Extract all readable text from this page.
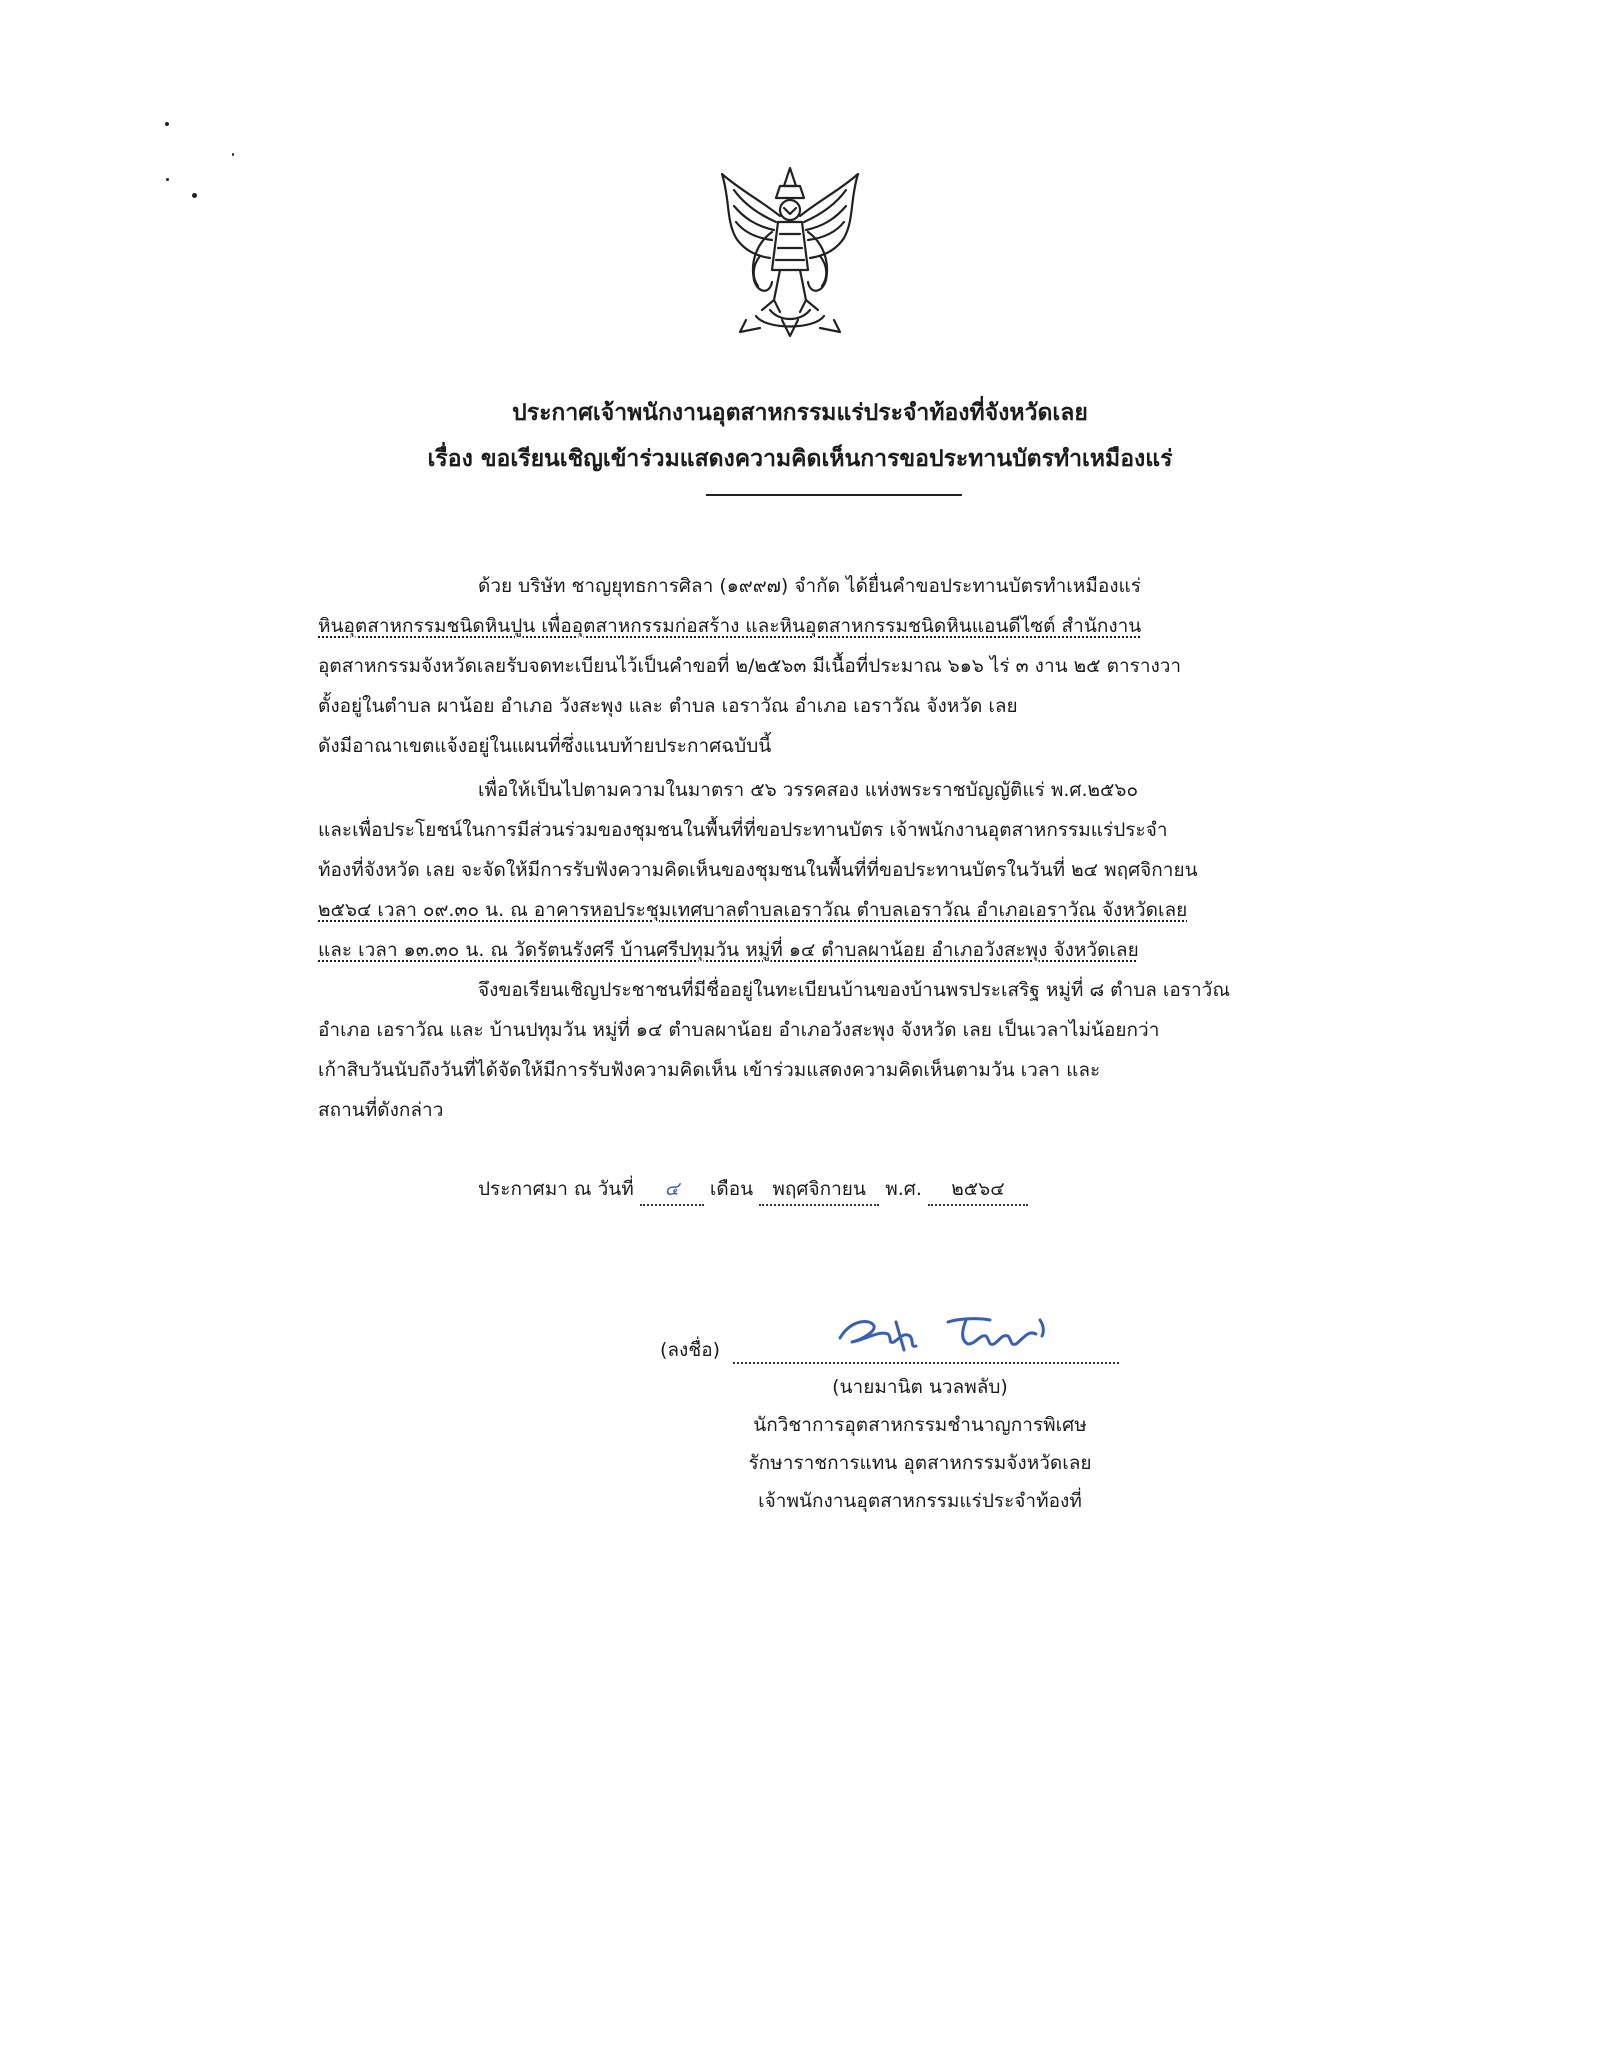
ประกาศเจ้าพนักงานอุตสาหกรรมแร่ประจำท้องที่จังหวัดเลย
เรื่อง ขอเรียนเชิญเข้าร่วมแสดงความคิดเห็นการขอประทานบัตรทำเหมืองแร่
ด้วย บริษัท ชาญยุทธการศิลา (๑๙๙๗) จำกัด ได้ยื่นคำขอประทานบัตรทำเหมืองแร่
หินอุตสาหกรรมชนิดหินปูน เพื่ออุตสาหกรรมก่อสร้าง และหินอุตสาหกรรมชนิดหินแอนดีไซต์ สำนักงาน
อุตสาหกรรมจังหวัดเลยรับจดทะเบียนไว้เป็นคำขอที่ ๒/๒๕๖๓ มีเนื้อที่ประมาณ ๖๑๖ ไร่ ๓ งาน ๒๕ ตารางวา
ตั้งอยู่ในตำบล ผาน้อย อำเภอ วังสะพุง และ ตำบล เอราวัณ อำเภอ เอราวัณ จังหวัด เลย
ดังมีอาณาเขตแจ้งอยู่ในแผนที่ซึ่งแนบท้ายประกาศฉบับนี้
เพื่อให้เป็นไปตามความในมาตรา ๕๖ วรรคสอง แห่งพระราชบัญญัติแร่ พ.ศ.๒๕๖๐
และเพื่อประโยชน์ในการมีส่วนร่วมของชุมชนในพื้นที่ที่ขอประทานบัตร เจ้าพนักงานอุตสาหกรรมแร่ประจำ
ท้องที่จังหวัด เลย จะจัดให้มีการรับฟังความคิดเห็นของชุมชนในพื้นที่ที่ขอประทานบัตรในวันที่ ๒๔ พฤศจิกายน
๒๕๖๔ เวลา ๐๙.๓๐ น. ณ อาคารหอประชุมเทศบาลตำบลเอราวัณ ตำบลเอราวัณ อำเภอเอราวัณ จังหวัดเลย
และ เวลา ๑๓.๓๐ น. ณ วัดรัตนรังศรี บ้านศรีปทุมวัน หมู่ที่ ๑๔ ตำบลผาน้อย อำเภอวังสะพุง จังหวัดเลย
จึงขอเรียนเชิญประชาชนที่มีชื่ออยู่ในทะเบียนบ้านของบ้านพรประเสริฐ หมู่ที่ ๘ ตำบล เอราวัณ
อำเภอ เอราวัณ และ บ้านปทุมวัน หมู่ที่ ๑๔ ตำบลผาน้อย อำเภอวังสะพุง จังหวัด เลย เป็นเวลาไม่น้อยกว่า
เก้าสิบวันนับถึงวันที่ได้จัดให้มีการรับฟังความคิดเห็น เข้าร่วมแสดงความคิดเห็นตามวัน เวลา และ
สถานที่ดังกล่าว
ประกาศมา ณ วันที่ ๔ เดือน พฤศจิกายน พ.ศ. ๒๕๖๔
(ลงชื่อ)
(นายมานิต นวลพลับ)
นักวิชาการอุตสาหกรรมชำนาญการพิเศษ
รักษาราชการแทน อุตสาหกรรมจังหวัดเลย
เจ้าพนักงานอุตสาหกรรมแร่ประจำท้องที่
